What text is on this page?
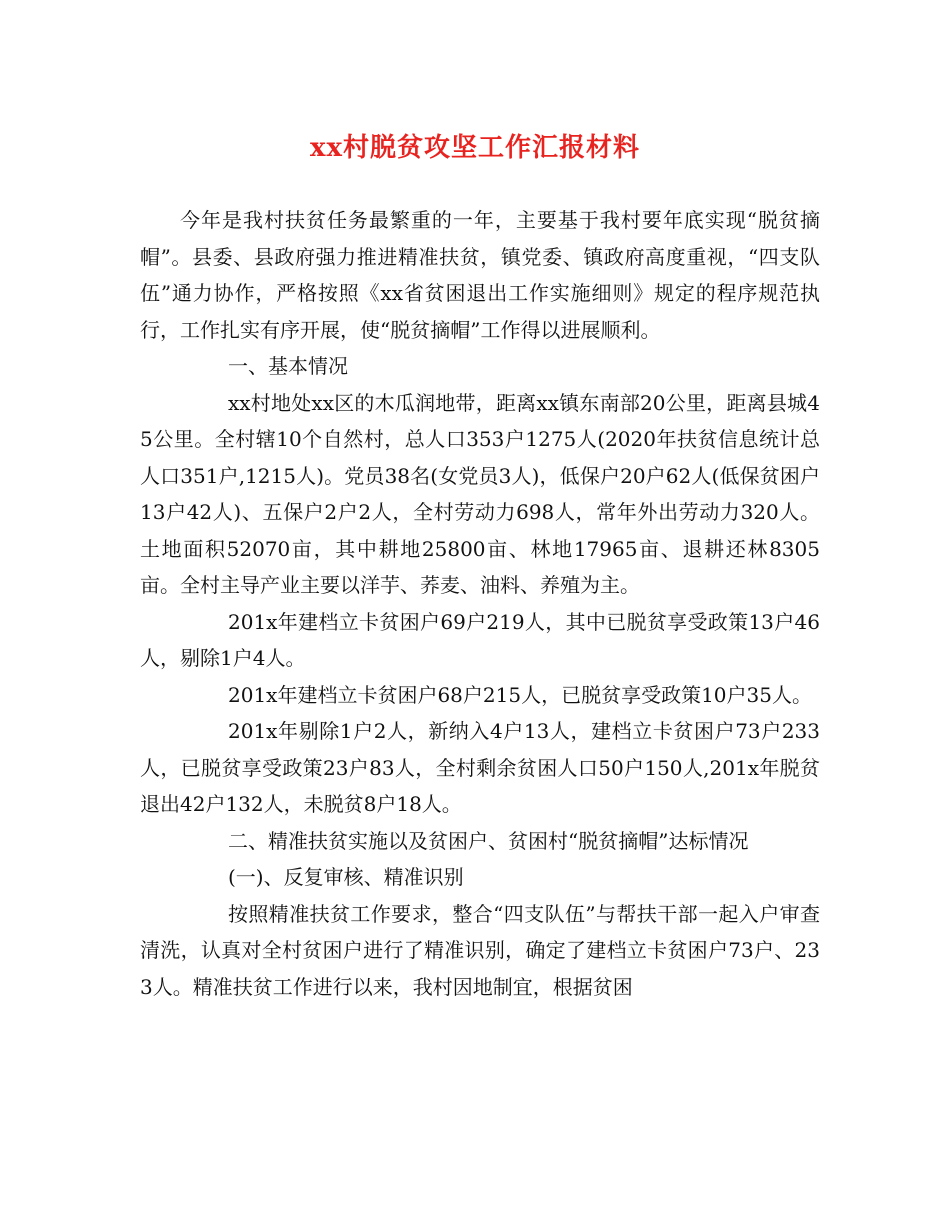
xx村脱贫攻坚工作汇报材料

今年是我村扶贫任务最繁重的一年，主要基于我村要年底实现“脱贫摘帽”。县委、县政府强力推进精准扶贫，镇党委、镇政府高度重视，“四支队伍”通力协作，严格按照《xx省贫困退出工作实施细则》规定的程序规范执行，工作扎实有序开展，使“脱贫摘帽”工作得以进展顺利。

一、基本情况

xx村地处xx区的木瓜润地带，距离xx镇东南部20公里，距离县城45公里。全村辖10个自然村，总人口353户1275人(2020年扶贫信息统计总人口351户,1215人)。党员38名(女党员3人)，低保户20户62人(低保贫困户13户42人)、五保户2户2人，全村劳动力698人，常年外出劳动力320人。土地面积52070亩，其中耕地25800亩、林地17965亩、退耕还林8305亩。全村主导产业主要以洋芋、荞麦、油料、养殖为主。

201x年建档立卡贫困户69户219人，其中已脱贫享受政策13户46人，剔除1户4人。

201x年建档立卡贫困户68户215人，已脱贫享受政策10户35人。

201x年剔除1户2人，新纳入4户13人，建档立卡贫困户73户233人，已脱贫享受政策23户83人，全村剩余贫困人口50户150人,201x年脱贫退出42户132人，未脱贫8户18人。

二、精准扶贫实施以及贫困户、贫困村“脱贫摘帽”达标情况

(一)、反复审核、精准识别

按照精准扶贫工作要求，整合“四支队伍”与帮扶干部一起入户审查清洗，认真对全村贫困户进行了精准识别，确定了建档立卡贫困户73户、233人。精准扶贫工作进行以来，我村因地制宜，根据贫困
